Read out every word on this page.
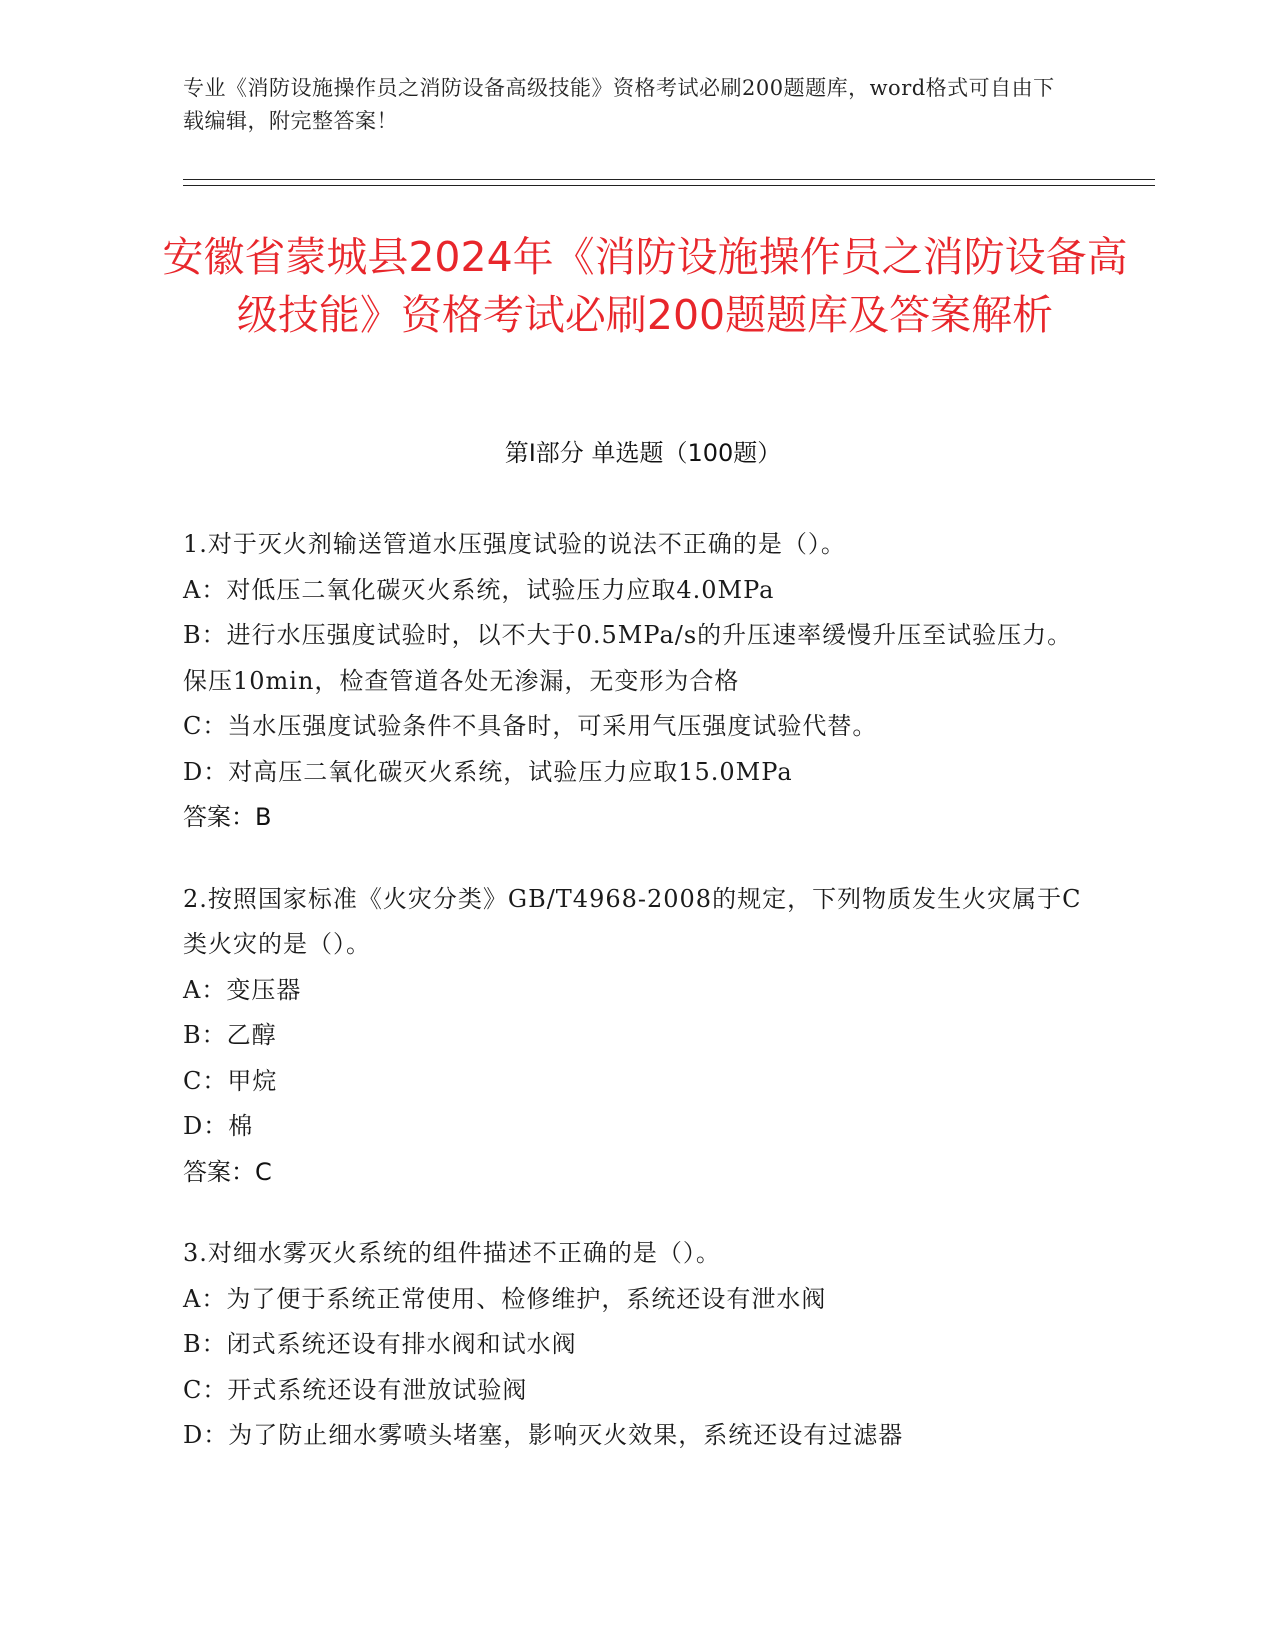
专业《消防设施操作员之消防设备高级技能》资格考试必刷200题题库，word格式可自由下载编辑，附完整答案！
安徽省蒙城县2024年《消防设施操作员之消防设备高级技能》资格考试必刷200题题库及答案解析
第Ⅰ部分 单选题（100题）

1.对于灭火剂输送管道水压强度试验的说法不正确的是（）。

A：对低压二氧化碳灭火系统，试验压力应取4.0MPa

B：进行水压强度试验时，以不大于0.5MPa/s的升压速率缓慢升压至试验压力。保压10min，检查管道各处无渗漏，无变形为合格

C：当水压强度试验条件不具备时，可采用气压强度试验代替。

D：对高压二氧化碳灭火系统，试验压力应取15.0MPa

答案：B

2.按照国家标准《火灾分类》GB/T4968-2008的规定，下列物质发生火灾属于C类火灾的是（）。

A：变压器

B：乙醇

C：甲烷

D：棉

答案：C

3.对细水雾灭火系统的组件描述不正确的是（）。

A：为了便于系统正常使用、检修维护，系统还设有泄水阀

B：闭式系统还设有排水阀和试水阀

C：开式系统还设有泄放试验阀

D：为了防止细水雾喷头堵塞，影响灭火效果，系统还设有过滤器
